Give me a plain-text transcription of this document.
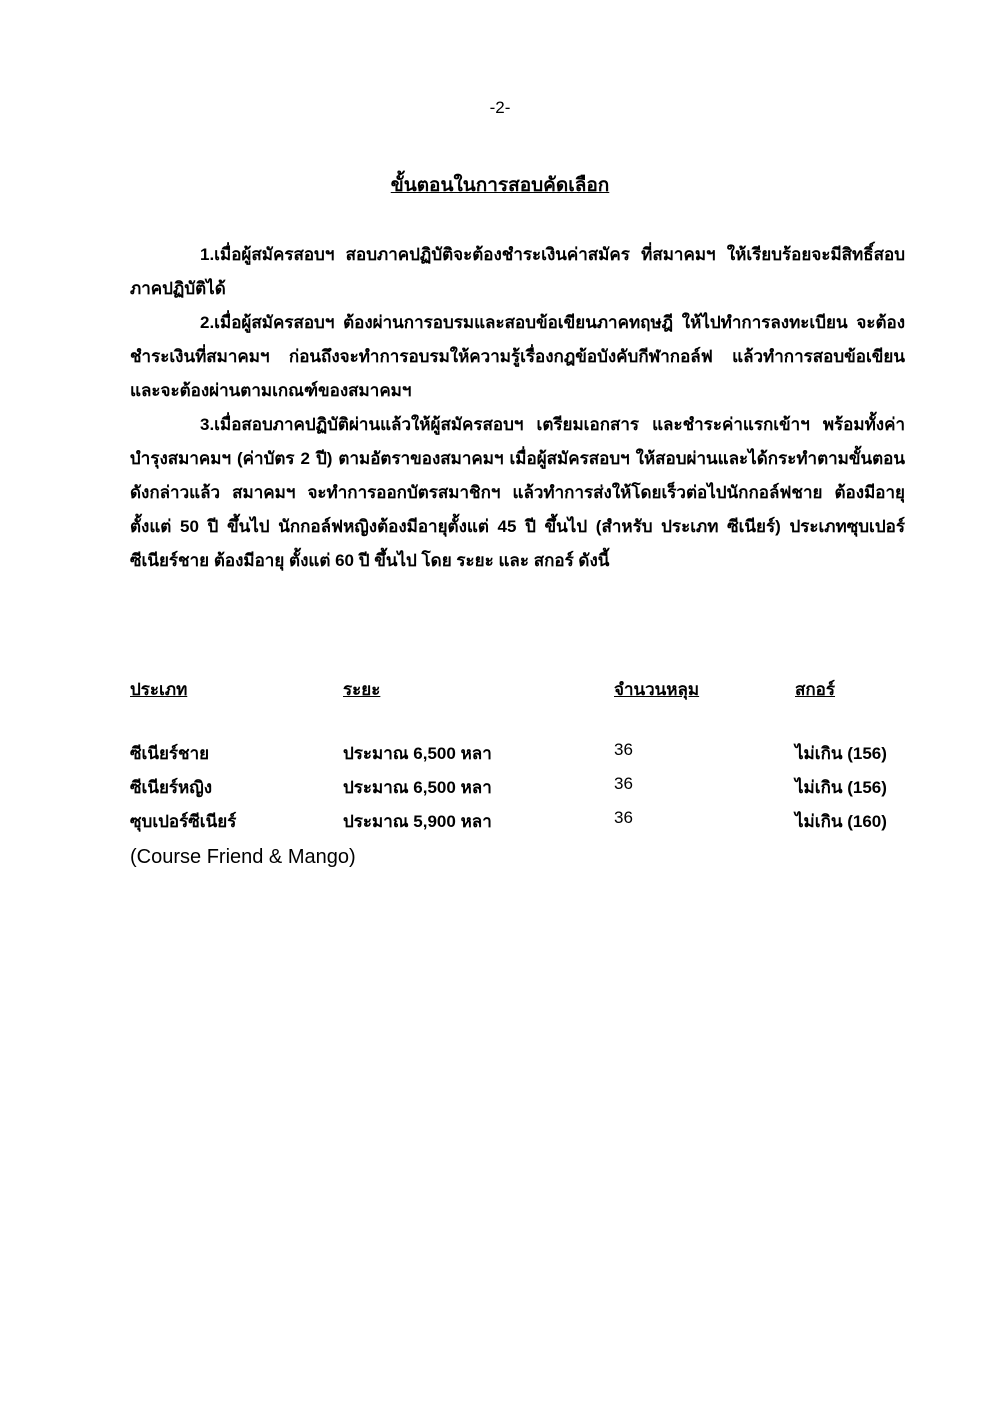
-2-
ขั้นตอนในการสอบคัดเลือก

1.เมื่อผู้สมัครสอบฯ สอบภาคปฏิบัติจะต้องชำระเงินค่าสมัคร ที่สมาคมฯ ให้เรียบร้อยจะมีสิทธิ์สอบภาคปฏิบัติได้

2.เมื่อผู้สมัครสอบฯ ต้องผ่านการอบรมและสอบข้อเขียนภาคทฤษฎี ให้ไปทำการลงทะเบียน จะต้องชำระเงินที่สมาคมฯ ก่อนถึงจะทำการอบรมให้ความรู้เรื่องกฎข้อบังคับกีฬากอล์ฟ แล้วทำการสอบข้อเขียน และจะต้องผ่านตามเกณฑ์ของสมาคมฯ

3.เมื่อสอบภาคปฏิบัติผ่านแล้วให้ผู้สมัครสอบฯ เตรียมเอกสาร และชำระค่าแรกเข้าฯ พร้อมทั้งค่าบำรุงสมาคมฯ (ค่าบัตร 2 ปี) ตามอัตราของสมาคมฯ เมื่อผู้สมัครสอบฯ ให้สอบผ่านและได้กระทำตามขั้นตอนดังกล่าวแล้ว สมาคมฯ จะทำการออกบัตรสมาชิกฯ แล้วทำการส่งให้โดยเร็วต่อไปนักกอล์ฟชาย ต้องมีอายุตั้งแต่ 50 ปี ขึ้นไป นักกอล์ฟหญิงต้องมีอายุตั้งแต่ 45 ปี ขึ้นไป (สำหรับ ประเภท ซีเนียร์) ประเภทซุบเปอร์ซีเนียร์ชาย ต้องมีอายุ ตั้งแต่ 60 ปี ขึ้นไป โดย ระยะ และ สกอร์ ดังนี้

ประเภท	ระยะ	จำนวนหลุม	สกอร์
ซีเนียร์ชาย	ประมาณ 6,500 หลา	36	ไม่เกิน (156)
ซีเนียร์หญิง	ประมาณ 6,500 หลา	36	ไม่เกิน (156)
ซุบเปอร์ซีเนียร์	ประมาณ 5,900 หลา	36	ไม่เกิน (160)
(Course Friend & Mango)
